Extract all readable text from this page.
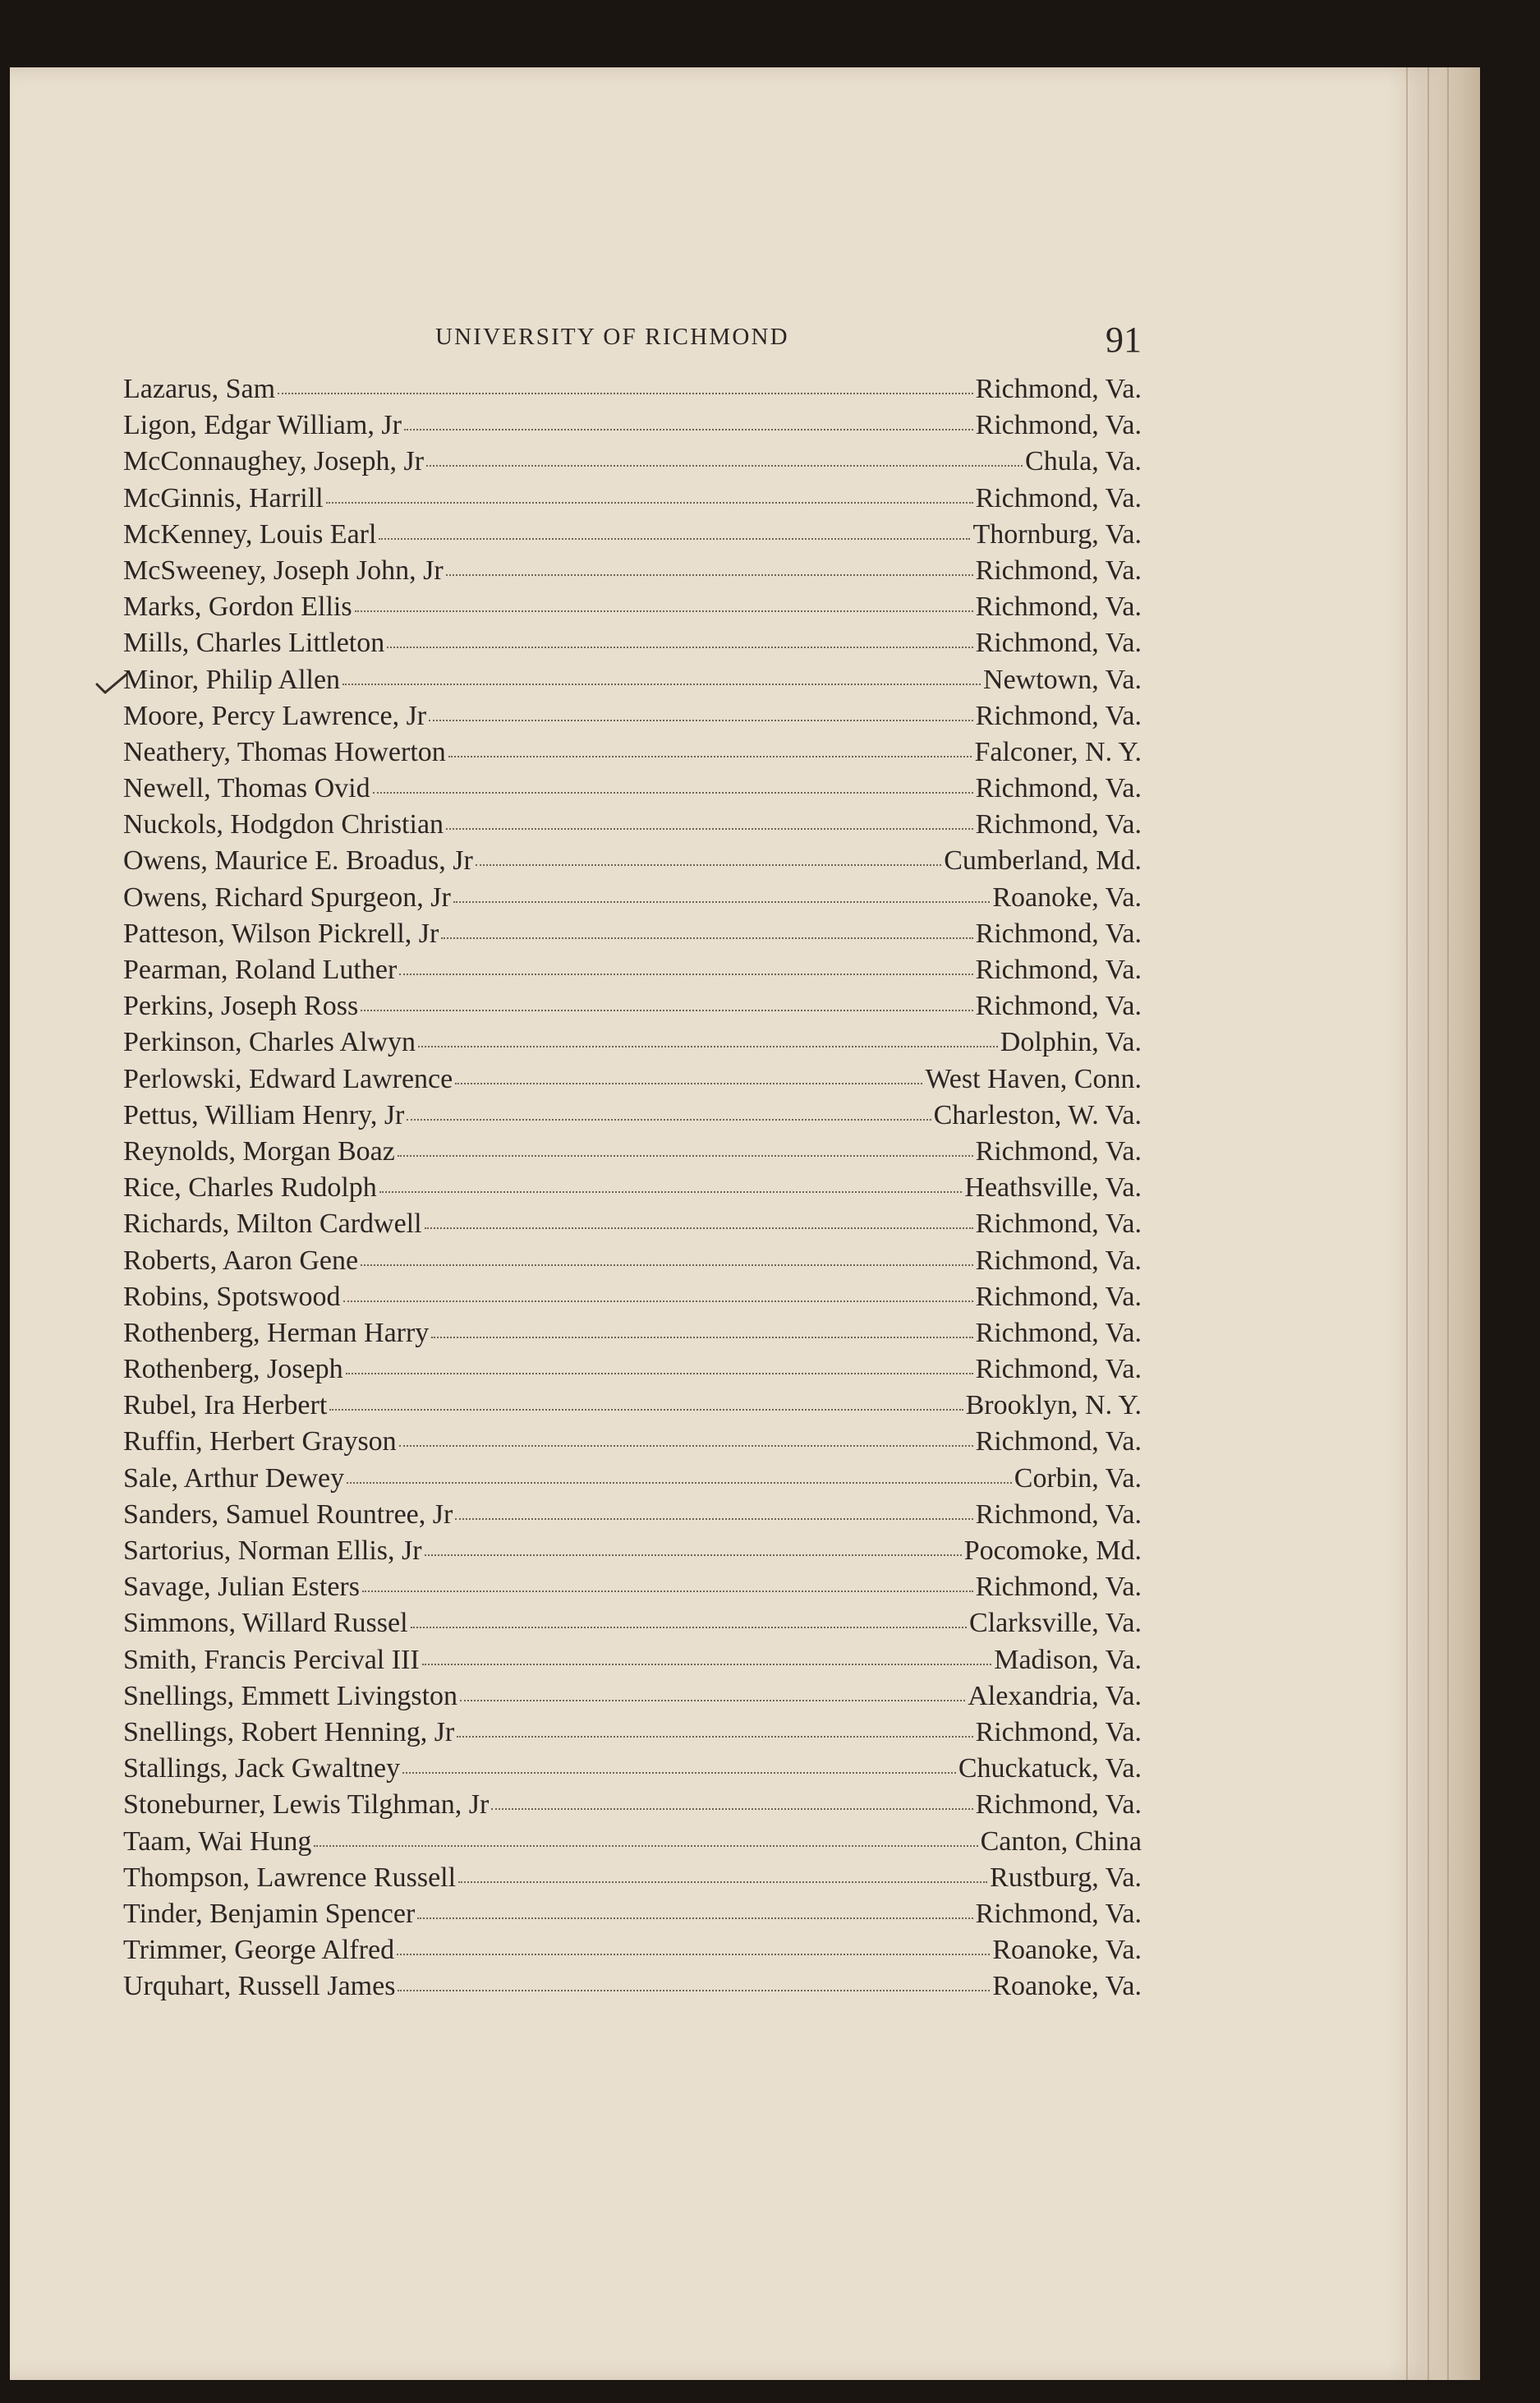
UNIVERSITY OF RICHMOND	91
Lazarus, Sam	Richmond, Va.
Ligon, Edgar William, Jr	Richmond, Va.
McConnaughey, Joseph, Jr	Chula, Va.
McGinnis, Harrill	Richmond, Va.
McKenney, Louis Earl	Thornburg, Va.
McSweeney, Joseph John, Jr	Richmond, Va.
Marks, Gordon Ellis	Richmond, Va.
Mills, Charles Littleton	Richmond, Va.
Minor, Philip Allen	Newtown, Va.
Moore, Percy Lawrence, Jr	Richmond, Va.
Neathery, Thomas Howerton	Falconer, N. Y.
Newell, Thomas Ovid	Richmond, Va.
Nuckols, Hodgdon Christian	Richmond, Va.
Owens, Maurice E. Broadus, Jr	Cumberland, Md.
Owens, Richard Spurgeon, Jr	Roanoke, Va.
Patteson, Wilson Pickrell, Jr	Richmond, Va.
Pearman, Roland Luther	Richmond, Va.
Perkins, Joseph Ross	Richmond, Va.
Perkinson, Charles Alwyn	Dolphin, Va.
Perlowski, Edward Lawrence	West Haven, Conn.
Pettus, William Henry, Jr	Charleston, W. Va.
Reynolds, Morgan Boaz	Richmond, Va.
Rice, Charles Rudolph	Heathsville, Va.
Richards, Milton Cardwell	Richmond, Va.
Roberts, Aaron Gene	Richmond, Va.
Robins, Spotswood	Richmond, Va.
Rothenberg, Herman Harry	Richmond, Va.
Rothenberg, Joseph	Richmond, Va.
Rubel, Ira Herbert	Brooklyn, N. Y.
Ruffin, Herbert Grayson	Richmond, Va.
Sale, Arthur Dewey	Corbin, Va.
Sanders, Samuel Rountree, Jr	Richmond, Va.
Sartorius, Norman Ellis, Jr	Pocomoke, Md.
Savage, Julian Esters	Richmond, Va.
Simmons, Willard Russel	Clarksville, Va.
Smith, Francis Percival III	Madison, Va.
Snellings, Emmett Livingston	Alexandria, Va.
Snellings, Robert Henning, Jr	Richmond, Va.
Stallings, Jack Gwaltney	Chuckatuck, Va.
Stoneburner, Lewis Tilghman, Jr	Richmond, Va.
Taam, Wai Hung	Canton, China
Thompson, Lawrence Russell	Rustburg, Va.
Tinder, Benjamin Spencer	Richmond, Va.
Trimmer, George Alfred	Roanoke, Va.
Urquhart, Russell James	Roanoke, Va.
